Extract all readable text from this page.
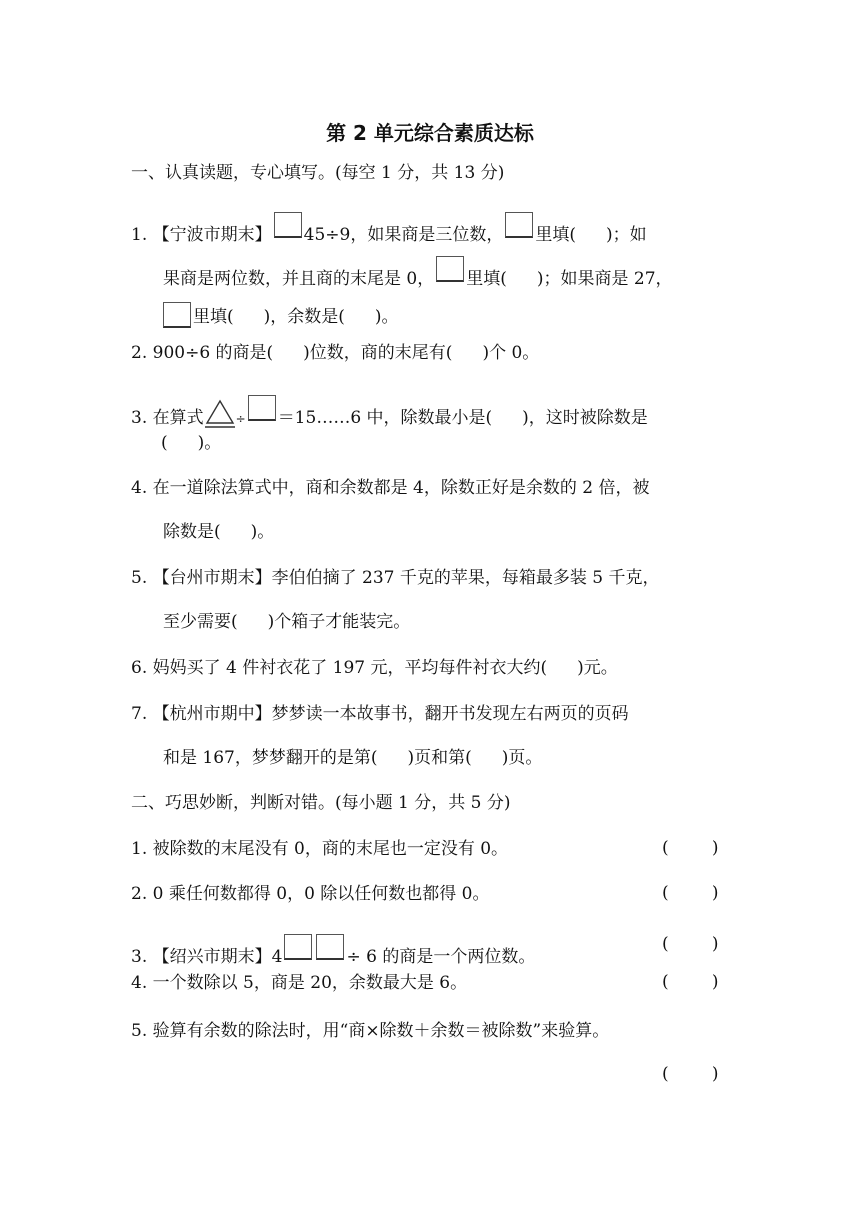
第 2 单元综合素质达标
一、认真读题，专心填写。(每空 1 分，共 13 分)
1. 【宁波市期末】 45÷9，如果商是三位数， 里填( )；如
果商是两位数，并且商的末尾是 0， 里填( )；如果商是 27，
里填( )，余数是( )。
2. 900÷6 的商是( )位数，商的末尾有( )个 0。
3. 在算式	÷ ＝15……6 中，除数最小是( )，这时被除数是
( )。
4. 在一道除法算式中，商和余数都是 4，除数正好是余数的 2 倍，被
除数是( )。
5. 【台州市期末】李伯伯摘了 237 千克的苹果，每箱最多装 5 千克，
至少需要( )个箱子才能装完。
6. 妈妈买了 4 件衬衣花了 197 元，平均每件衬衣大约( )元。
7. 【杭州市期中】梦梦读一本故事书，翻开书发现左右两页的页码
和是 167，梦梦翻开的是第( )页和第( )页。
二、巧思妙断，判断对错。(每小题 1 分，共 5 分)
1. 被除数的末尾没有 0，商的末尾也一定没有 0。	(        )
2. 0 乘任何数都得 0，0 除以任何数也都得 0。	(        )
3. 【绍兴市期末】4	÷ 6 的商是一个两位数。
(        )
4. 一个数除以 5，商是 20，余数最大是 6。	(        )
5. 验算有余数的除法时，用“商×除数＋余数＝被除数”来验算。
(        )
